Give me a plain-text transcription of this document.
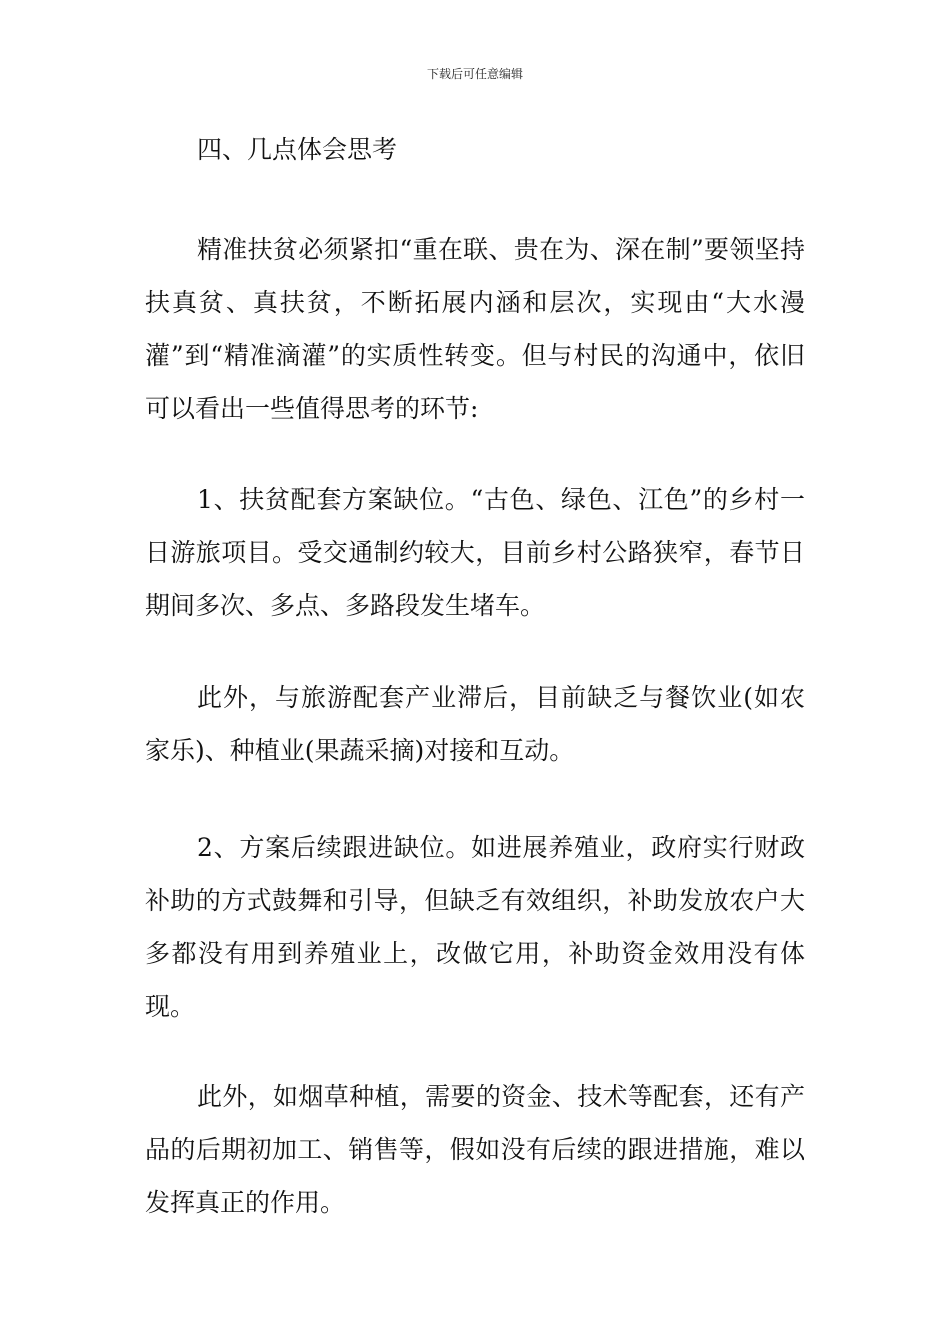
下载后可任意编辑
四、几点体会思考

精准扶贫必须紧扣“重在联、贵在为、深在制”要领坚持扶真贫、真扶贫，不断拓展内涵和层次，实现由“大水漫灌”到“精准滴灌”的实质性转变。但与村民的沟通中，依旧可以看出一些值得思考的环节:

1、扶贫配套方案缺位。“古色、绿色、江色”的乡村一日游旅项目。受交通制约较大，目前乡村公路狭窄，春节日期间多次、多点、多路段发生堵车。

此外，与旅游配套产业滞后，目前缺乏与餐饮业(如农家乐)、种植业(果蔬采摘)对接和互动。

2、方案后续跟进缺位。如进展养殖业，政府实行财政补助的方式鼓舞和引导，但缺乏有效组织，补助发放农户大多都没有用到养殖业上，改做它用，补助资金效用没有体现。

此外，如烟草种植，需要的资金、技术等配套，还有产品的后期初加工、销售等，假如没有后续的跟进措施，难以发挥真正的作用。
